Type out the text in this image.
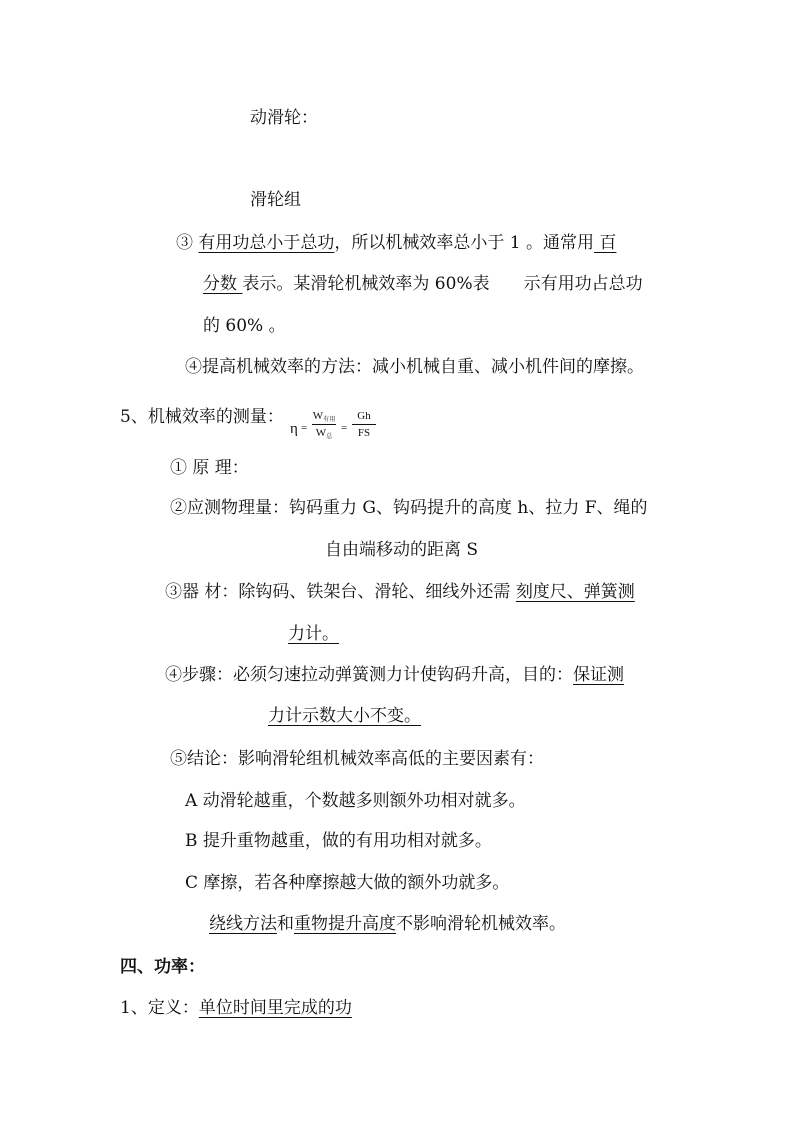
动滑轮：
滑轮组
③ 有用功总小于总功，所以机械效率总小于 1 。通常用 百
分数 表示。某滑轮机械效率为 60%表　　示有用功占总功
的 60% 。
④提高机械效率的方法：减小机械自重、减小机件间的摩擦。
5、机械效率的测量：
η =
$W_{有用}$
$W_总$
=
Gh
FS
① 原 理：
②应测物理量：钩码重力 G、钩码提升的高度 h、拉力 F、绳的
自由端移动的距离 S
③器 材：除钩码、铁架台、滑轮、细线外还需 刻度尺、弹簧测
力计。
④步骤：必须匀速拉动弹簧测力计使钩码升高，目的：保证测
力计示数大小不变。
⑤结论：影响滑轮组机械效率高低的主要因素有：
A 动滑轮越重，个数越多则额外功相对就多。
B 提升重物越重，做的有用功相对就多。
C 摩擦，若各种摩擦越大做的额外功就多。
绕线方法和重物提升高度不影响滑轮机械效率。
四、功率：
1、定义：单位时间里完成的功
